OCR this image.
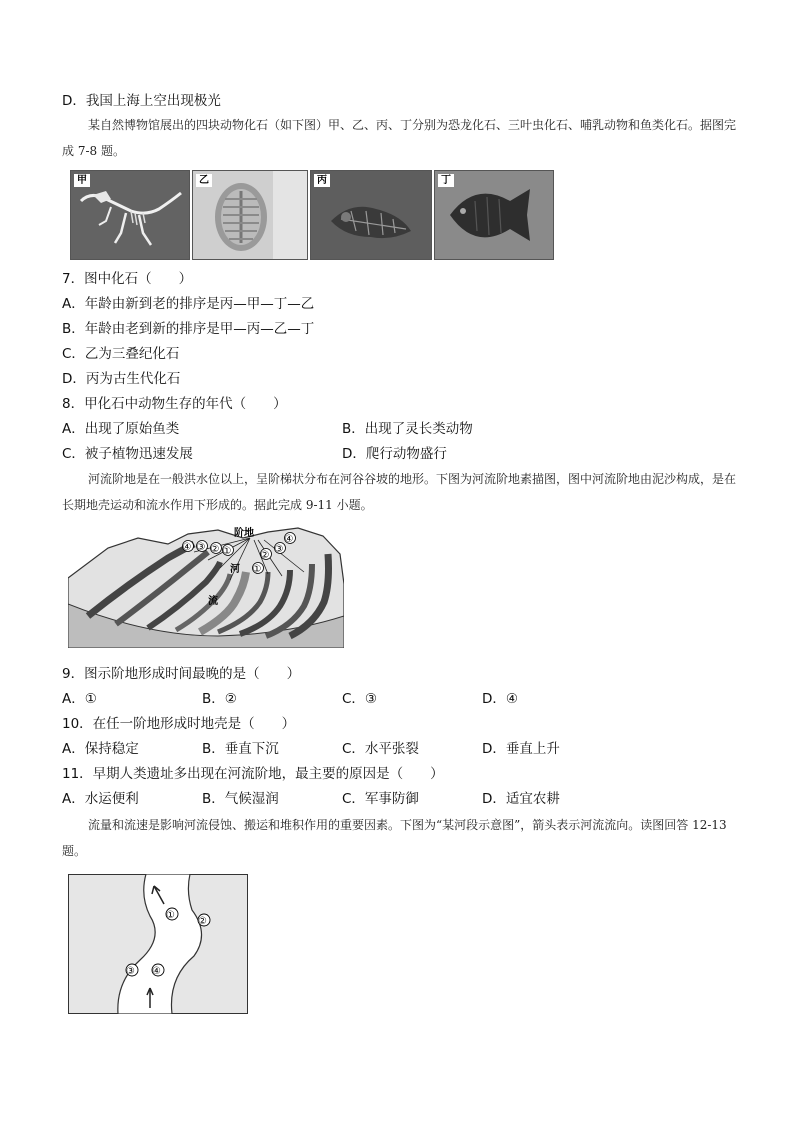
D．我国上海上空出现极光
某自然博物馆展出的四块动物化石（如下图）甲、乙、丙、丁分别为恐龙化石、三叶虫化石、哺乳动物和鱼类化石。据图完成 7-8 题。
甲	乙	丙	丁
7．图中化石（　　）
A．年龄由新到老的排序是丙—甲—丁—乙
B．年龄由老到新的排序是甲—丙—乙—丁
C．乙为三叠纪化石
D．丙为古生代化石
8．甲化石中动物生存的年代（　　）
A．出现了原始鱼类	B．出现了灵长类动物
C．被子植物迅速发展	D．爬行动物盛行
河流阶地是在一般洪水位以上，呈阶梯状分布在河谷谷坡的地形。下图为河流阶地素描图，图中河流阶地由泥沙构成，是在长期地壳运动和流水作用下形成的。据此完成 9-11 小题。
④ ③ ② ①	②
③
④
①
阶地
河
流
9．图示阶地形成时间最晚的是（　　）
A．①	B．②	C．③	D．④
10．在任一阶地形成时地壳是（　　）
A．保持稳定	B．垂直下沉	C．水平张裂	D．垂直上升
11．早期人类遗址多出现在河流阶地，最主要的原因是（　　）
A．水运便利	B．气候湿润	C．军事防御	D．适宜农耕
流量和流速是影响河流侵蚀、搬运和堆积作用的重要因素。下图为“某河段示意图”，箭头表示河流流向。读图回答 12-13 题。
①
②
③ ④
